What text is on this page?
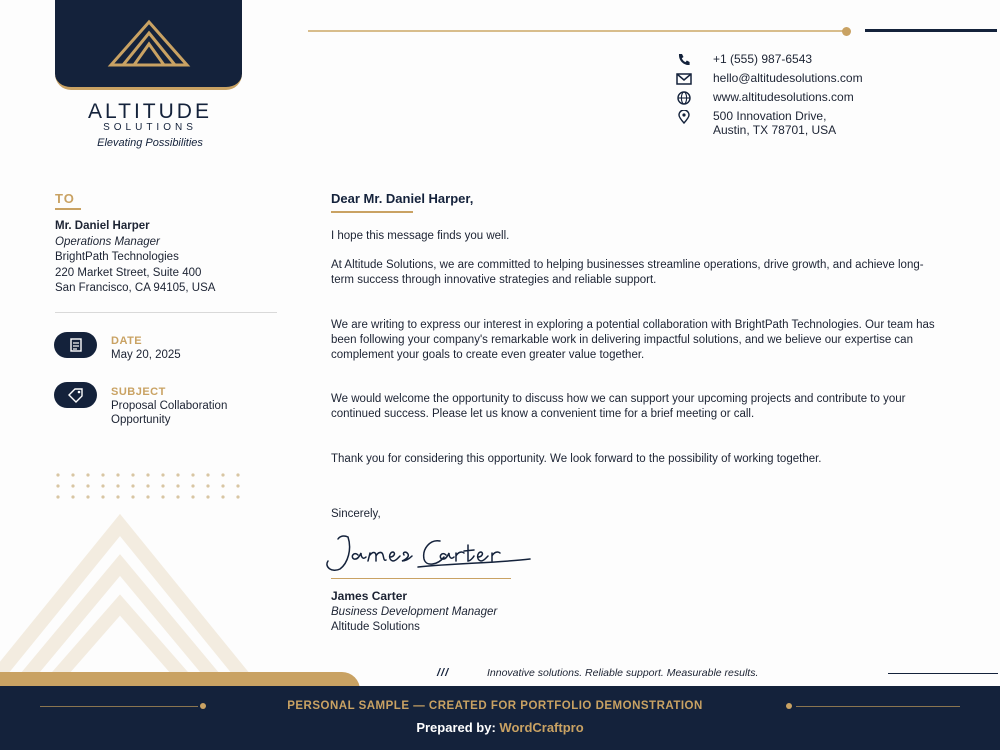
ALTITUDE
SOLUTIONS
Elevating Possibilities
+1 (555) 987-6543
hello@altitudesolutions.com
www.altitudesolutions.com
500 Innovation Drive,
Austin, TX 78701, USA
TO
Mr. Daniel Harper
Operations Manager
BrightPath Technologies
220 Market Street, Suite 400
San Francisco, CA 94105, USA
DATE
May 20, 2025
SUBJECT
Proposal Collaboration
Opportunity
Dear Mr. Daniel Harper,
I hope this message finds you well.
At Altitude Solutions, we are committed to helping businesses streamline operations, drive growth, and achieve long-term success through innovative strategies and reliable support.
We are writing to express our interest in exploring a potential collaboration with BrightPath Technologies. Our team has been following your company's remarkable work in delivering impactful solutions, and we believe our expertise can complement your goals to create even greater value together.
We would welcome the opportunity to discuss how we can support your upcoming projects and contribute to your continued success. Please let us know a convenient time for a brief meeting or call.
Thank you for considering this opportunity. We look forward to the possibility of working together.
Sincerely,
James Carter
Business Development Manager
Altitude Solutions
///	Innovative solutions. Reliable support. Measurable results.
PERSONAL SAMPLE — CREATED FOR PORTFOLIO DEMONSTRATION
Prepared by: WordCraftpro
